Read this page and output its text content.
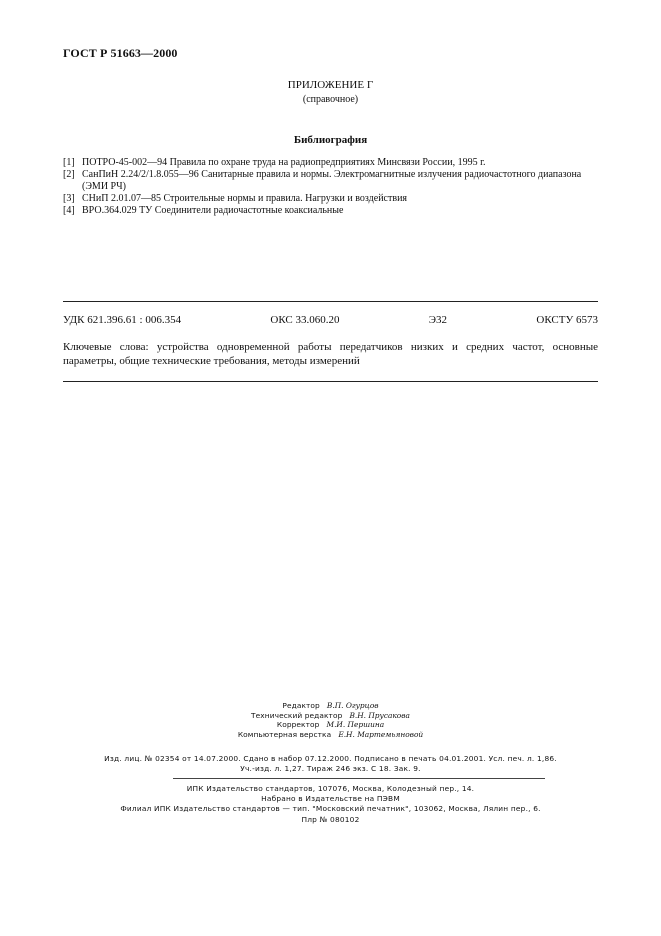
ГОСТ Р 51663—2000
ПРИЛОЖЕНИЕ Г
(справочное)
Библиография
[1] ПОТРО-45-002—94 Правила по охране труда на радиопредприятиях Минсвязи России, 1995 г.
[2] СанПиН 2.24/2/1.8.055—96 Санитарные правила и нормы. Электромагнитные излучения радиочастотного диапазона (ЭМИ РЧ)
[3] СНиП 2.01.07—85 Строительные нормы и правила. Нагрузки и воздействия
[4] ВРО.364.029 ТУ Соединители радиочастотные коаксиальные
УДК 621.396.61 : 006.354	ОКС 33.060.20	Э32	ОКСТУ 6573
Ключевые слова: устройства одновременной работы передатчиков низких и средних частот, основные параметры, общие технические требования, методы измерений
Редактор В.П. Огурцов
Технический редактор В.Н. Прусакова
Корректор М.И. Першина
Компьютерная верстка Е.Н. Мартемьяновой
Изд. лиц. № 02354 от 14.07.2000. Сдано в набор 07.12.2000. Подписано в печать 04.01.2001. Усл. печ. л. 1,86.
Уч.-изд. л. 1,27. Тираж 246 экз. С 18. Зак. 9.
ИПК Издательство стандартов, 107076, Москва, Колодезный пер., 14.
Набрано в Издательстве на ПЭВМ
Филиал ИПК Издательство стандартов — тип. "Московский печатник", 103062, Москва, Лялин пер., 6.
Плр № 080102
